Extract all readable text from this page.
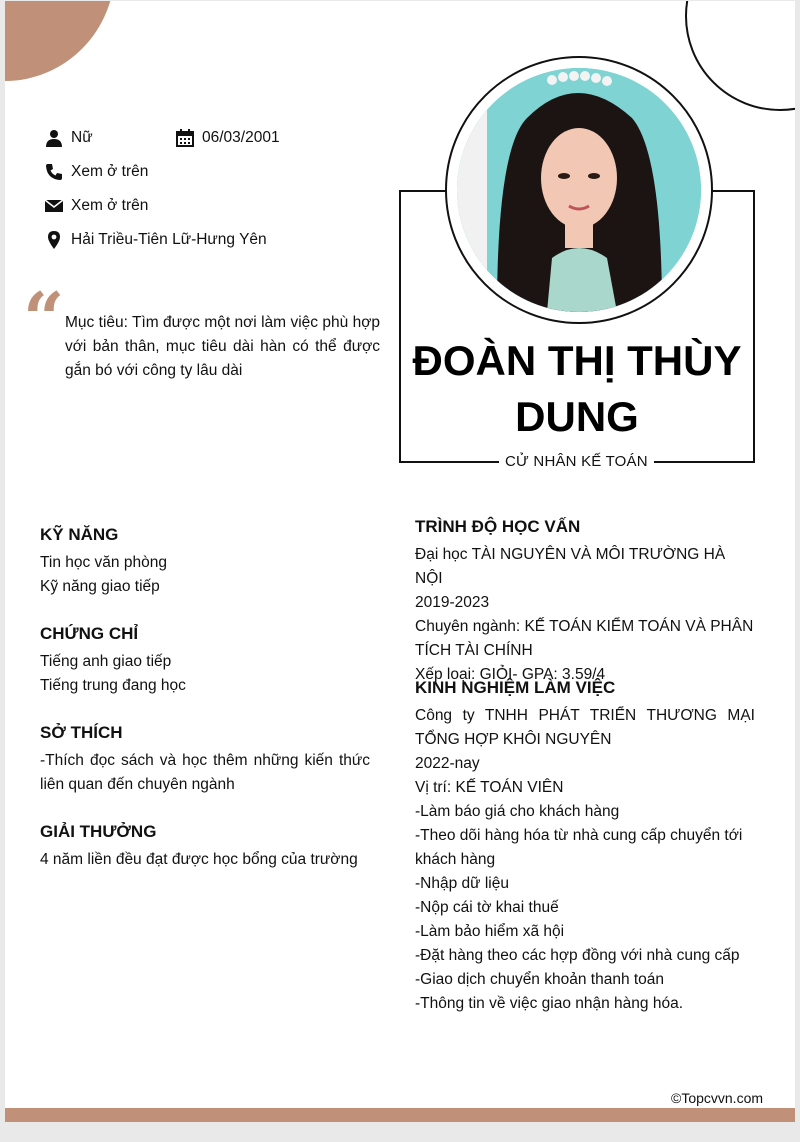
Nữ	06/03/2001
Xem ở trên
Xem ở trên
Hải Triều-Tiên Lữ-Hưng Yên
“ Mục tiêu: Tìm được một nơi làm việc phù hợp với bản thân, mục tiêu dài hàn có thể được gắn bó với công ty lâu dài	ĐOÀN THỊ THÙY
DUNG
CỬ NHÂN KẾ TOÁN
KỸ NĂNG
Tin học văn phòng
Kỹ năng giao tiếp
CHỨNG CHỈ
Tiếng anh giao tiếp
Tiếng trung đang học
SỞ THÍCH
-Thích đọc sách và học thêm những kiến thức liên quan đến chuyên ngành
GIẢI THƯỞNG
4 năm liền đều đạt được học bổng của trường
TRÌNH ĐỘ HỌC VẤN
Đại học TÀI NGUYÊN VÀ MÔI TRƯỜNG HÀ NỘI
2019-2023
Chuyên ngành: KẾ TOÁN KIỂM TOÁN VÀ PHÂN TÍCH TÀI CHÍNH
Xếp loại: GIỎI- GPA: 3.59/4
KINH NGHIỆM LÀM VIỆC
Công ty TNHH PHÁT TRIỂN THƯƠNG MẠI TỔNG HỢP KHÔI NGUYÊN
2022-nay
Vị trí: KẾ TOÁN VIÊN
-Làm báo giá cho khách hàng
-Theo dõi hàng hóa từ nhà cung cấp chuyển tới khách hàng
-Nhập dữ liệu
-Nộp cái tờ khai thuế
-Làm bảo hiểm xã hội
-Đặt hàng theo các hợp đồng với nhà cung cấp
-Giao dịch chuyển khoản thanh toán
-Thông tin về việc giao nhận hàng hóa.
©Topcvvn.com
